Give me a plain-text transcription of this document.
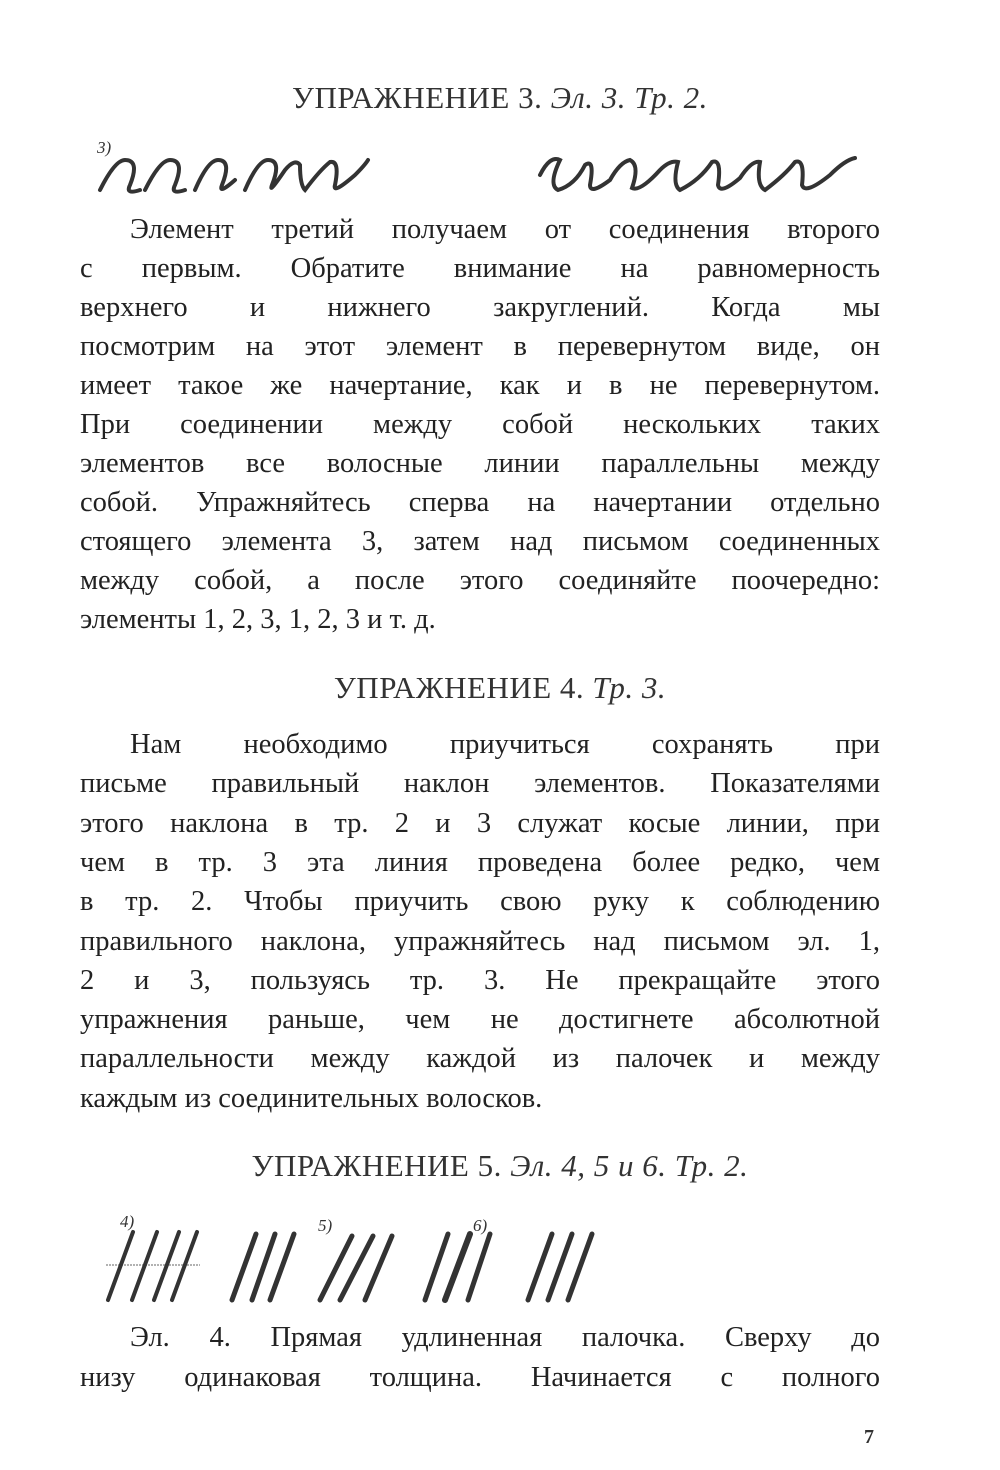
УПРАЖНЕНИЕ 3. Эл. 3. Тр. 2.
3)
Элемент третий получаем от соединения второго
с первым. Обратите внимание на равномерность
верхнего и нижнего закруглений. Когда мы
посмотрим на этот элемент в перевернутом виде, он
имеет такое же начертание, как и в не перевернутом.
При соединении между собой нескольких таких
элементов все волосные линии параллельны между
собой. Упражняйтесь сперва на начертании отдельно
стоящего элемента 3, затем над письмом соединенных
между собой, а после этого соединяйте поочередно:
элементы 1, 2, 3, 1, 2, 3 и т. д.
УПРАЖНЕНИЕ 4. Тр. 3.
Нам необходимо приучиться сохранять при
письме правильный наклон элементов. Показателями
этого наклона в тр. 2 и 3 служат косые линии, при
чем в тр. 3 эта линия проведена более редко, чем
в тр. 2. Чтобы приучить свою руку к соблюдению
правильного наклона, упражняйтесь над письмом эл. 1,
2 и 3, пользуясь тр. 3. Не прекращайте этого
упражнения раньше, чем не достигнете абсолютной
параллельности между каждой из палочек и между
каждым из соединительных волосков.
УПРАЖНЕНИЕ 5. Эл. 4, 5 и 6. Тр. 2.
4)	5)	6)
Эл. 4. Прямая удлиненная палочка. Сверху до
низу одинаковая толщина. Начинается с полного
7
